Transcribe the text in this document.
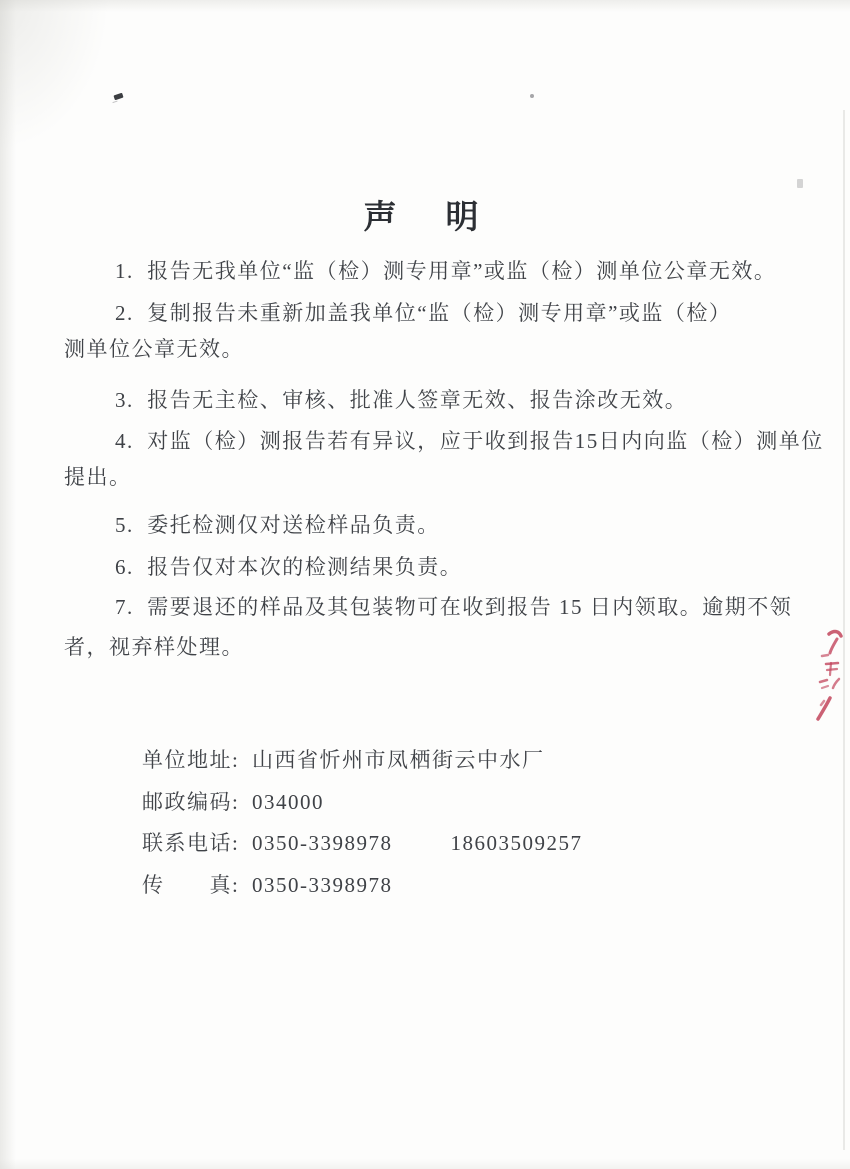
声　明

1.  报告无我单位“监（检）测专用章”或监（检）测单位公章无效。

2.  复制报告未重新加盖我单位“监（检）测专用章”或监（检）

测单位公章无效。

3.  报告无主检、审核、批准人签章无效、报告涂改无效。

4.  对监（检）测报告若有异议，应于收到报告15日内向监（检）测单位

提出。

5.  委托检测仅对送检样品负责。

6.  报告仅对本次的检测结果负责。

7.  需要退还的样品及其包装物可在收到报告 15 日内领取。逾期不领

者，视弃样处理。

单位地址: 山西省忻州市凤栖街云中水厂

邮政编码: 034000

联系电话: 0350-3398978	18603509257

传　　真: 0350-3398978
